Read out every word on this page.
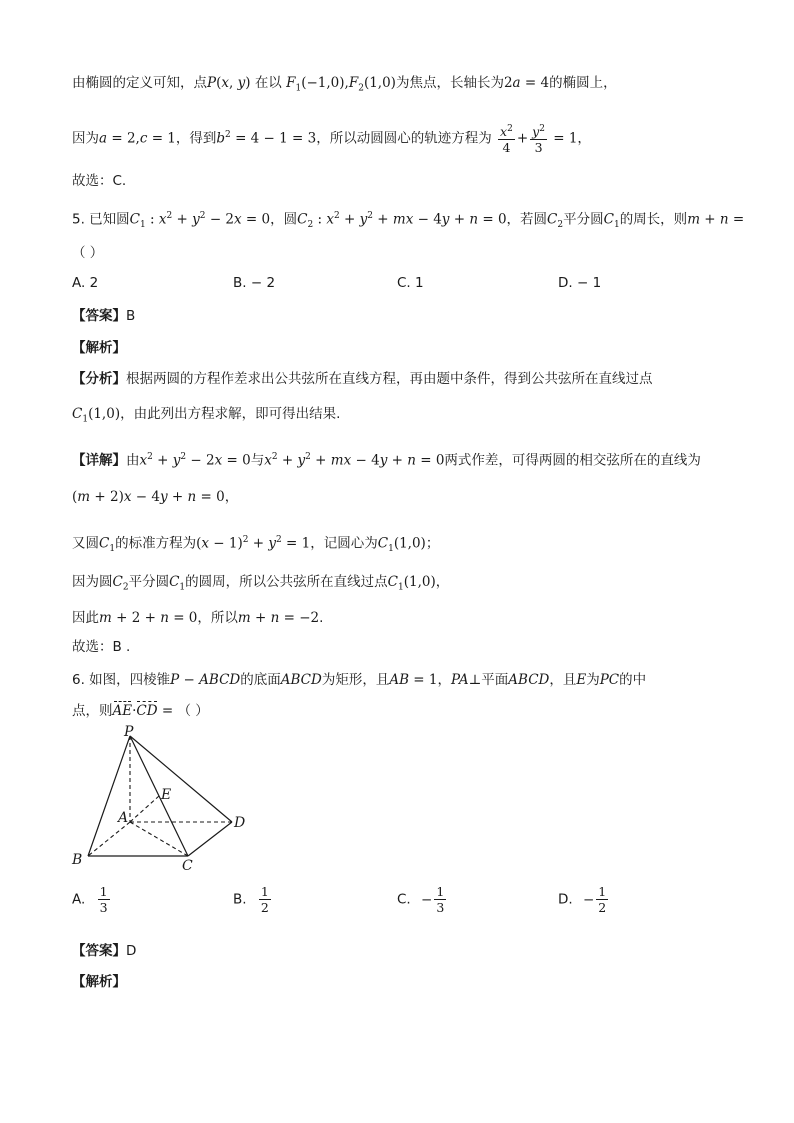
由椭圆的定义可知，点P(x, y) 在以 $F_1(-1,0),F_2(1,0)$为焦点，长轴长为2a = 4的椭圆上，
因为a = 2,c = 1，得到$b^2 = 4 - 1 = 3$，所以动圆圆心的轨迹方程为 $\frac{x^2}{4} + \frac{y^2}{3} = 1$，
故选：C.
5. 已知圆$C_1$ : $x^2 + y^2 - 2x = 0$，圆$C_2$ : $x^2 + y^2$ + mx − 4y + n = 0，若圆$C_2$平分圆$C_1$的周长，则m + n =
（ ）
A. 2	B. − 2	C. 1	D. − 1
【答案】B
【解析】
【分析】根据两圆的方程作差求出公共弦所在直线方程，再由题中条件，得到公共弦所在直线过点
$C_1(1,0)$，由此列出方程求解，即可得出结果.
【详解】由$x^2 + y^2 - 2x = 0$与$x^2 + y^2$ + mx − 4y + n = 0两式作差，可得两圆的相交弦所在的直线为
(m + 2)x − 4y + n = 0，
又圆$C_1$的标准方程为$(x - 1)^2 + y^2 = 1$，记圆心为$C_1(1,0)$；
因为圆$C_2$平分圆$C_1$的圆周，所以公共弦所在直线过点$C_1(1,0)$，
因此m + 2 + n = 0，所以m + n = −2.
故选：B .
6. 如图，四棱锥P − ABCD的底面ABCD为矩形，且AB = 1，PA⊥平面ABCD，且E为PC的中
点，则AE·CD = （ ）
P
A
B	C
D
E
A. $\frac{1}{3}$	B. $\frac{1}{2}$	C. − $\frac{1}{3}$	D. − $\frac{1}{2}$
【答案】D
【解析】
